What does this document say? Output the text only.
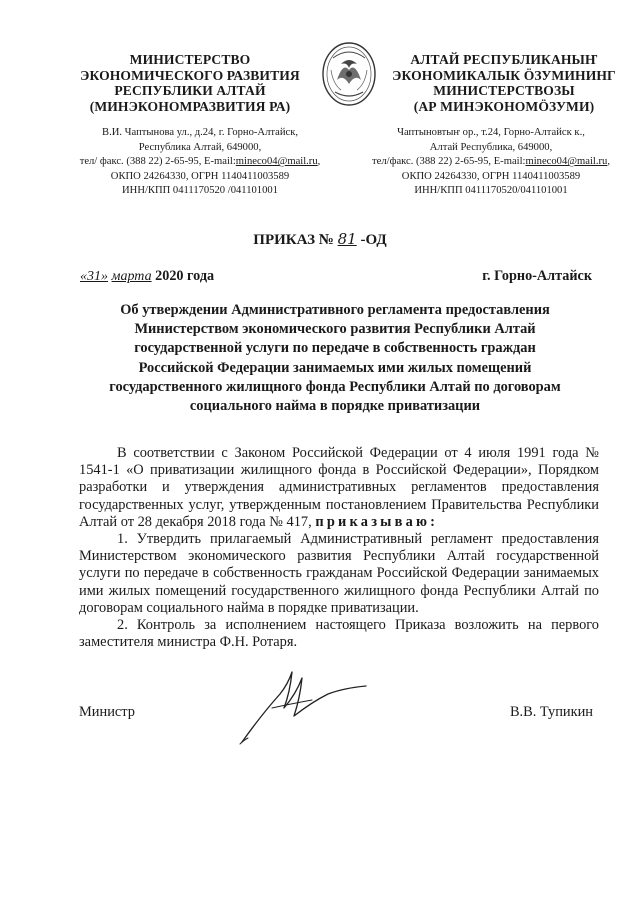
МИНИСТЕРСТВО
ЭКОНОМИЧЕСКОГО РАЗВИТИЯ
РЕСПУБЛИКИ АЛТАЙ
(МИНЭКОНОМРАЗВИТИЯ РА)
АЛТАЙ РЕСПУБЛИКАНЫҤ
ЭКОНОМИКАЛЫК ÖЗУМИНИНГ
МИНИСТЕРСТВОЗЫ
(АР МИНЭКОНОМÖЗУМИ)
В.И. Чаптынова ул., д.24, г. Горно-Алтайск,
Республика Алтай, 649000,
тел/ факс. (388 22) 2-65-95, E-mail:mineco04@mail.ru,
ОКПО 24264330, ОГРН 1140411003589
ИНН/КПП 0411170520 /041101001
Чаптыновтыҥ ор., т.24, Горно-Алтайск к.,
Алтай Республика, 649000,
тел/факс. (388 22) 2-65-95, E-mail:mineco04@mail.ru,
ОКПО 24264330, ОГРН 1140411003589
ИНН/КПП 0411170520/041101001
ПРИКАЗ № 81 -ОД
«31» марта 2020 года	г. Горно-Алтайск
Об утверждении Административного регламента предоставления
Министерством экономического развития Республики Алтай
государственной услуги по передаче в собственность граждан
Российской Федерации занимаемых ими жилых помещений
государственного жилищного фонда Республики Алтай по договорам
социального найма в порядке приватизации

В соответствии с Законом Российской Федерации от 4 июля 1991 года № 1541-1 «О приватизации жилищного фонда в Российской Федерации», Порядком разработки и утверждения административных регламентов предоставления государственных услуг, утвержденным постановлением Правительства Республики Алтай от 28 декабря 2018 года № 417, приказываю:

1. Утвердить прилагаемый Административный регламент предоставления Министерством экономического развития Республики Алтай государственной услуги по передаче в собственность гражданам Российской Федерации занимаемых ими жилых помещений государственного жилищного фонда Республики Алтай по договорам социального найма в порядке приватизации.

2. Контроль за исполнением настоящего Приказа возложить на первого заместителя министра Ф.Н. Ротаря.

Министр	В.В. Тупикин
